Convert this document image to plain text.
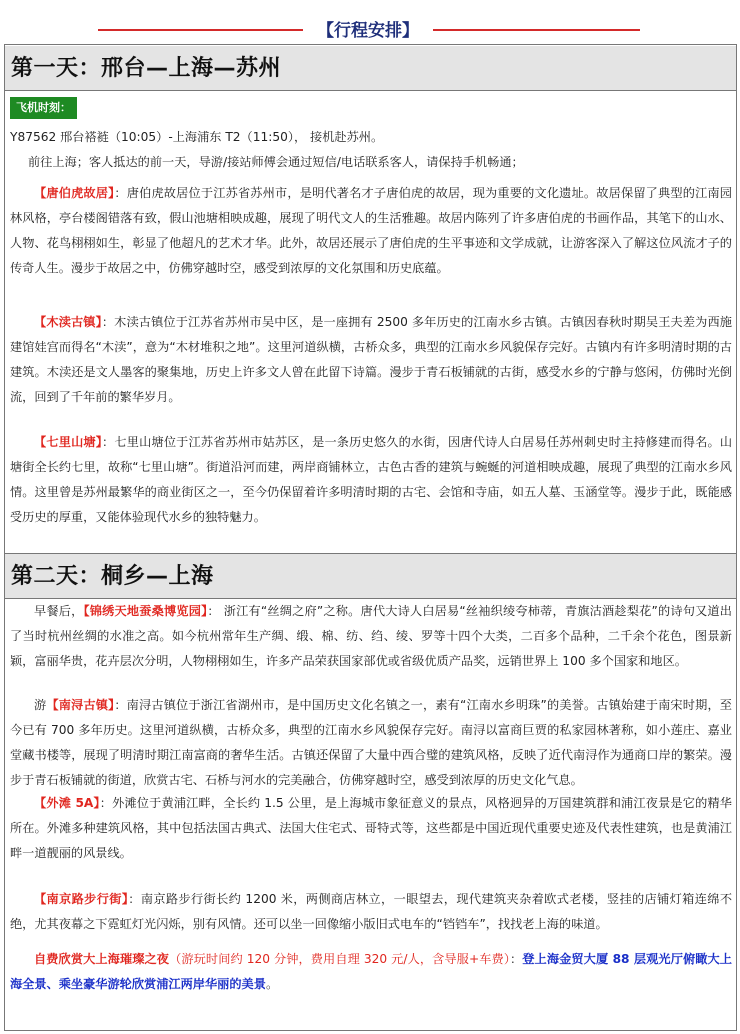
【行程安排】
第一天：邢台—上海—苏州
飞机时刻：
Y87562 邢台褡裢（10:05）-上海浦东 T2（11:50）， 接机赴苏州。
前往上海；客人抵达的前一天，导游/接站师傅会通过短信/电话联系客人，请保持手机畅通；
【唐伯虎故居】：唐伯虎故居位于江苏省苏州市，是明代著名才子唐伯虎的故居，现为重要的文化遗址。故居保留了典型的江南园林风格，亭台楼阁错落有致，假山池塘相映成趣，展现了明代文人的生活雅趣。故居内陈列了许多唐伯虎的书画作品，其笔下的山水、人物、花鸟栩栩如生，彰显了他超凡的艺术才华。此外，故居还展示了唐伯虎的生平事迹和文学成就，让游客深入了解这位风流才子的传奇人生。漫步于故居之中，仿佛穿越时空，感受到浓厚的文化氛围和历史底蕴。
【木渎古镇】：木渎古镇位于江苏省苏州市吴中区，是一座拥有 2500 多年历史的江南水乡古镇。古镇因春秋时期吴王夫差为西施建馆娃宫而得名“木渎”，意为“木材堆积之地”。这里河道纵横，古桥众多，典型的江南水乡风貌保存完好。古镇内有许多明清时期的古建筑。木渎还是文人墨客的聚集地，历史上许多文人曾在此留下诗篇。漫步于青石板铺就的古街，感受水乡的宁静与悠闲，仿佛时光倒流，回到了千年前的繁华岁月。
【七里山塘】：七里山塘位于江苏省苏州市姑苏区，是一条历史悠久的水街，因唐代诗人白居易任苏州刺史时主持修建而得名。山塘街全长约七里，故称“七里山塘”。街道沿河而建，两岸商铺林立，古色古香的建筑与蜿蜒的河道相映成趣，展现了典型的江南水乡风情。这里曾是苏州最繁华的商业街区之一，至今仍保留着许多明清时期的古宅、会馆和寺庙，如五人墓、玉涵堂等。漫步于此，既能感受历史的厚重，又能体验现代水乡的独特魅力。
第二天：桐乡—上海
早餐后，【锦绣天地蚕桑博览园】： 浙江有“丝绸之府”之称。唐代大诗人白居易“丝袖织绫夸柿蒂，青旗沽酒趁梨花”的诗句又道出了当时杭州丝绸的水准之高。如今杭州常年生产绸、缎、棉、纺、绉、绫、罗等十四个大类，二百多个品种，二千余个花色，图景新颖，富丽华贵，花卉层次分明，人物栩栩如生，许多产品荣获国家部优或省级优质产品奖，远销世界上 100 多个国家和地区。
游【南浔古镇】：南浔古镇位于浙江省湖州市，是中国历史文化名镇之一，素有“江南水乡明珠”的美誉。古镇始建于南宋时期，至今已有 700 多年历史。这里河道纵横，古桥众多，典型的江南水乡风貌保存完好。南浔以富商巨贾的私家园林著称，如小莲庄、嘉业堂藏书楼等，展现了明清时期江南富商的奢华生活。古镇还保留了大量中西合璧的建筑风格，反映了近代南浔作为通商口岸的繁荣。漫步于青石板铺就的街道，欣赏古宅、石桥与河水的完美融合，仿佛穿越时空，感受到浓厚的历史文化气息。
【外滩 5A】：外滩位于黄浦江畔，全长约 1.5 公里，是上海城市象征意义的景点，风格迥异的万国建筑群和浦江夜景是它的精华所在。外滩多种建筑风格，其中包括法国古典式、法国大住宅式、哥特式等，这些都是中国近现代重要史迹及代表性建筑，也是黄浦江畔一道靓丽的风景线。
【南京路步行街】：南京路步行街长约 1200 米，两侧商店林立，一眼望去，现代建筑夹杂着欧式老楼，竖挂的店铺灯箱连绵不绝，尤其夜幕之下霓虹灯光闪烁，别有风情。还可以坐一回像缩小版旧式电车的“铛铛车”，找找老上海的味道。
自费欣赏大上海璀璨之夜（游玩时间约 120 分钟，费用自理 320 元/人，含导服+车费）：登上海金贸大厦 88 层观光厅俯瞰大上海全景、乘坐豪华游轮欣赏浦江两岸华丽的美景。
